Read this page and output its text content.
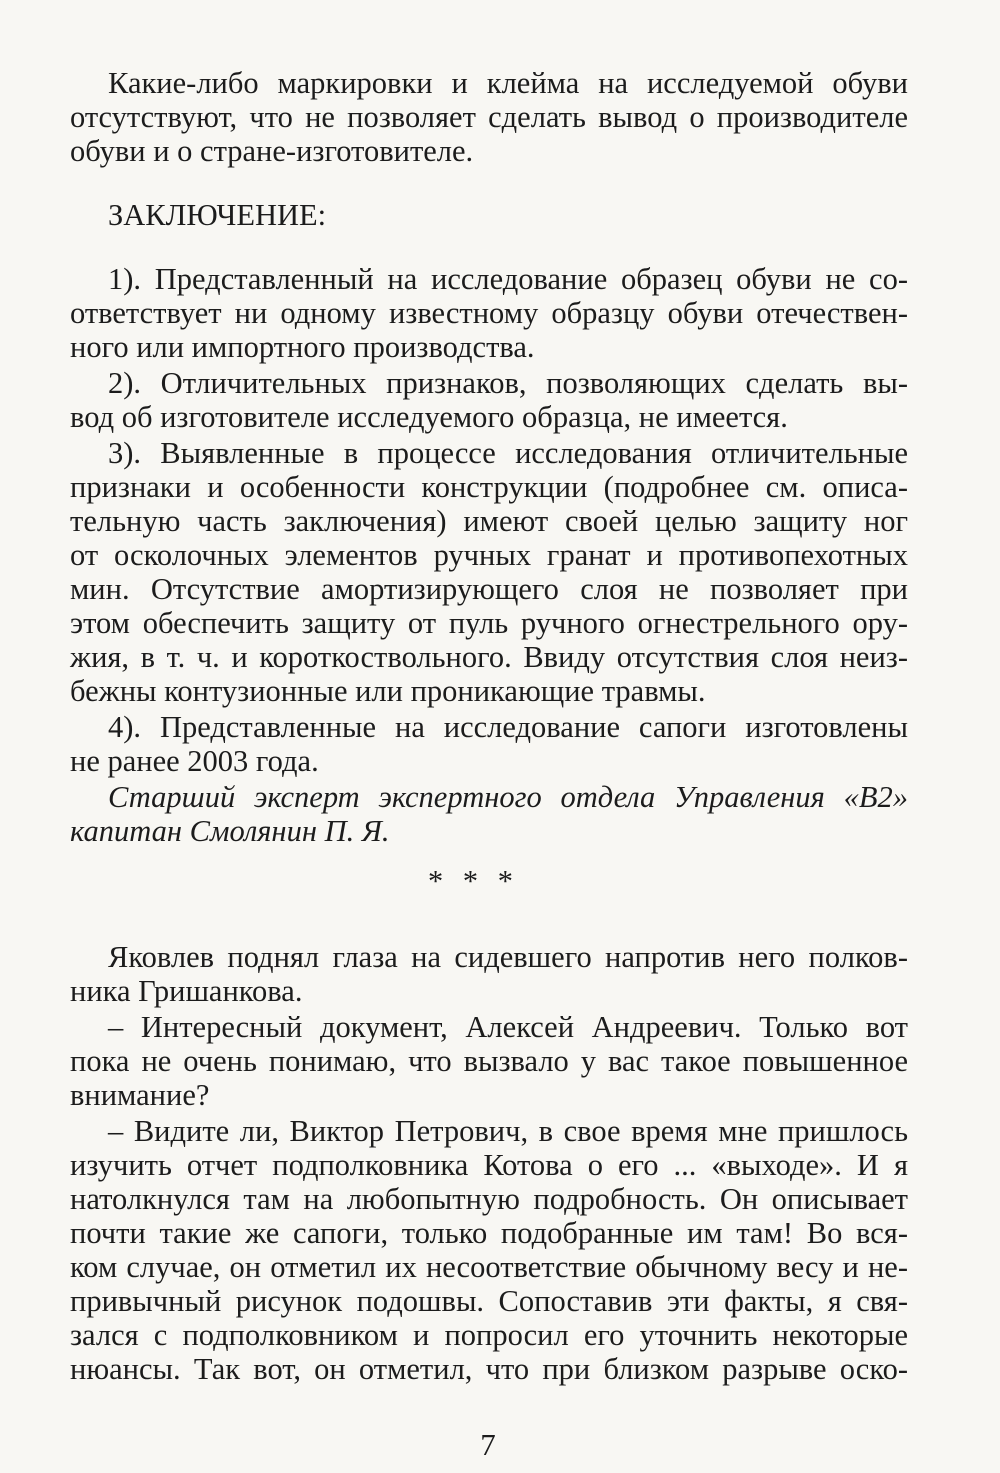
Какие-либо маркировки и клейма на исследуемой обуви
отсутствуют, что не позволяет сделать вывод о производителе
обуви и о стране-изготовителе.
ЗАКЛЮЧЕНИЕ:
1). Представленный на исследование образец обуви не со-
ответствует ни одному известному образцу обуви отечествен-
ного или импортного производства.
2). Отличительных признаков, позволяющих сделать вы-
вод об изготовителе исследуемого образца, не имеется.
3). Выявленные в процессе исследования отличительные
признаки и особенности конструкции (подробнее см. описа-
тельную часть заключения) имеют своей целью защиту ног
от осколочных элементов ручных гранат и противопехотных
мин. Отсутствие амортизирующего слоя не позволяет при
этом обеспечить защиту от пуль ручного огнестрельного ору-
жия, в т. ч. и короткоствольного. Ввиду отсутствия слоя неиз-
бежны контузионные или проникающие травмы.
4). Представленные на исследование сапоги изготовлены
не ранее 2003 года.
Старший эксперт экспертного отдела Управления «В2»
капитан Смолянин П. Я.
* * *
Яковлев поднял глаза на сидевшего напротив него полков-
ника Гришанкова.
– Интересный документ, Алексей Андреевич. Только вот
пока не очень понимаю, что вызвало у вас такое повышенное
внимание?
– Видите ли, Виктор Петрович, в свое время мне пришлось
изучить отчет подполковника Котова о его ... «выходе». И я
натолкнулся там на любопытную подробность. Он описывает
почти такие же сапоги, только подобранные им там! Во вся-
ком случае, он отметил их несоответствие обычному весу и не-
привычный рисунок подошвы. Сопоставив эти факты, я свя-
зался с подполковником и попросил его уточнить некоторые
нюансы. Так вот, он отметил, что при близком разрыве оско-
7
